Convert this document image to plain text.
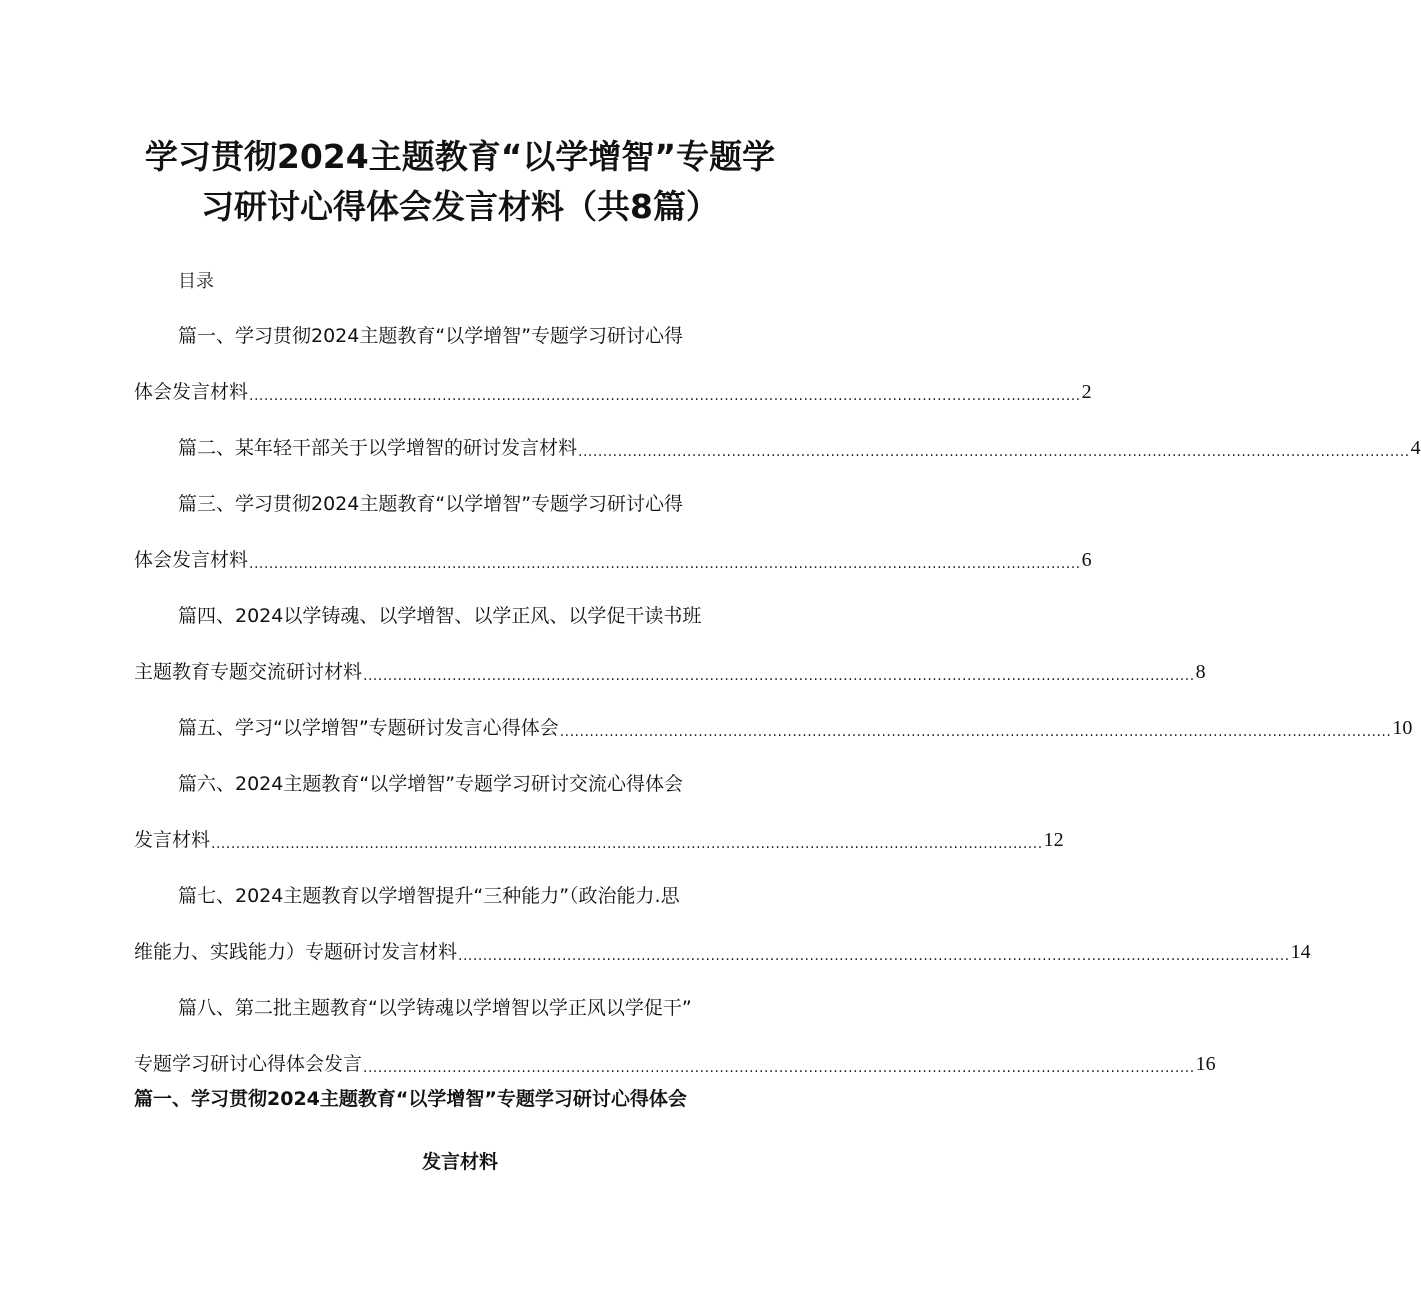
学习贯彻2024主题教育“以学增智”专题学
习研讨心得体会发言材料（共8篇）
目录
篇一、学习贯彻2024主题教育“以学增智”专题学习研讨心得
体会发言材料 ........................................................................................................................................................................ 2
篇二、某年轻干部关于以学增智的研讨发言材料 ........................................................................................................................................................................ 4
篇三、学习贯彻2024主题教育“以学增智”专题学习研讨心得
体会发言材料 ........................................................................................................................................................................ 6
篇四、2024以学铸魂、以学增智、以学正风、以学促干读书班
主题教育专题交流研讨材料 ........................................................................................................................................................................ 8
篇五、学习“以学增智”专题研讨发言心得体会 ........................................................................................................................................................................ 10
篇六、2024主题教育“以学增智”专题学习研讨交流心得体会
发言材料 ........................................................................................................................................................................ 12
篇七、2024主题教育以学增智提升“三种能力”（政治能力.思
维能力、实践能力）专题研讨发言材料 ........................................................................................................................................................................ 14
篇八、第二批主题教育“以学铸魂以学增智以学正风以学促干”
专题学习研讨心得体会发言 ........................................................................................................................................................................ 16
篇一、学习贯彻2024主题教育“以学增智”专题学习研讨心得体会
发言材料
